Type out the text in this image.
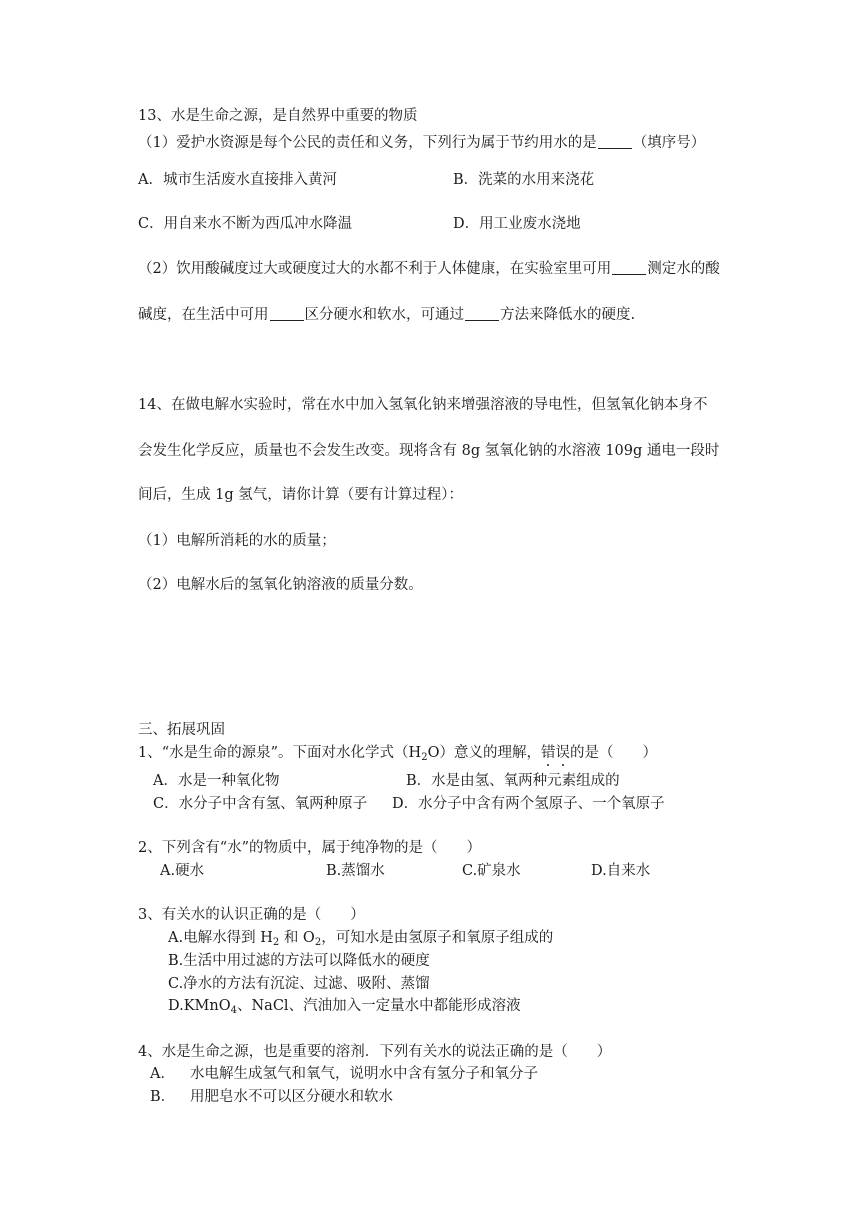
13、水是生命之源，是自然界中重要的物质
（1）爱护水资源是每个公民的责任和义务，下列行为属于节约用水的是 （填序号）
A．城市生活废水直接排入黄河	B．洗菜的水用来浇花
C．用自来水不断为西瓜冲水降温	D．用工业废水浇地
（2）饮用酸碱度过大或硬度过大的水都不利于人体健康，在实验室里可用 测定水的酸
碱度，在生活中可用 区分硬水和软水，可通过 方法来降低水的硬度.
14、在做电解水实验时，常在水中加入氢氧化钠来增强溶液的导电性，但氢氧化钠本身不
会发生化学反应，质量也不会发生改变。现将含有 8g 氢氧化钠的水溶液 109g 通电一段时
间后，生成 1g 氢气，请你计算（要有计算过程）：
（1）电解所消耗的水的质量；
（2）电解水后的氢氧化钠溶液的质量分数。
三、拓展巩固
1、“水是生命的源泉”。下面对水化学式$(H_2O)$意义的理解，错误的是（　　）
A．水是一种氧化物	B．水是由氢、氧两种元素组成的
C．水分子中含有氢、氧两种原子 D．水分子中含有两个氢原子、一个氧原子
2、下列含有“水”的物质中，属于纯净物的是（　　）
A.硬水	B.蒸馏水	C.矿泉水	D.自来水
3、有关水的认识正确的是（　　）
A.电解水得到 $H_2$ 和 $O_2$，可知水是由氢原子和氧原子组成的
B.生活中用过滤的方法可以降低水的硬度
C.净水的方法有沉淀、过滤、吸附、蒸馏
D.KMnO$_4$、NaCl、汽油加入一定量水中都能形成溶液
4、水是生命之源，也是重要的溶剂．下列有关水的说法正确的是（　　）
A． 水电解生成氢气和氧气，说明水中含有氢分子和氧分子
B． 用肥皂水不可以区分硬水和软水
